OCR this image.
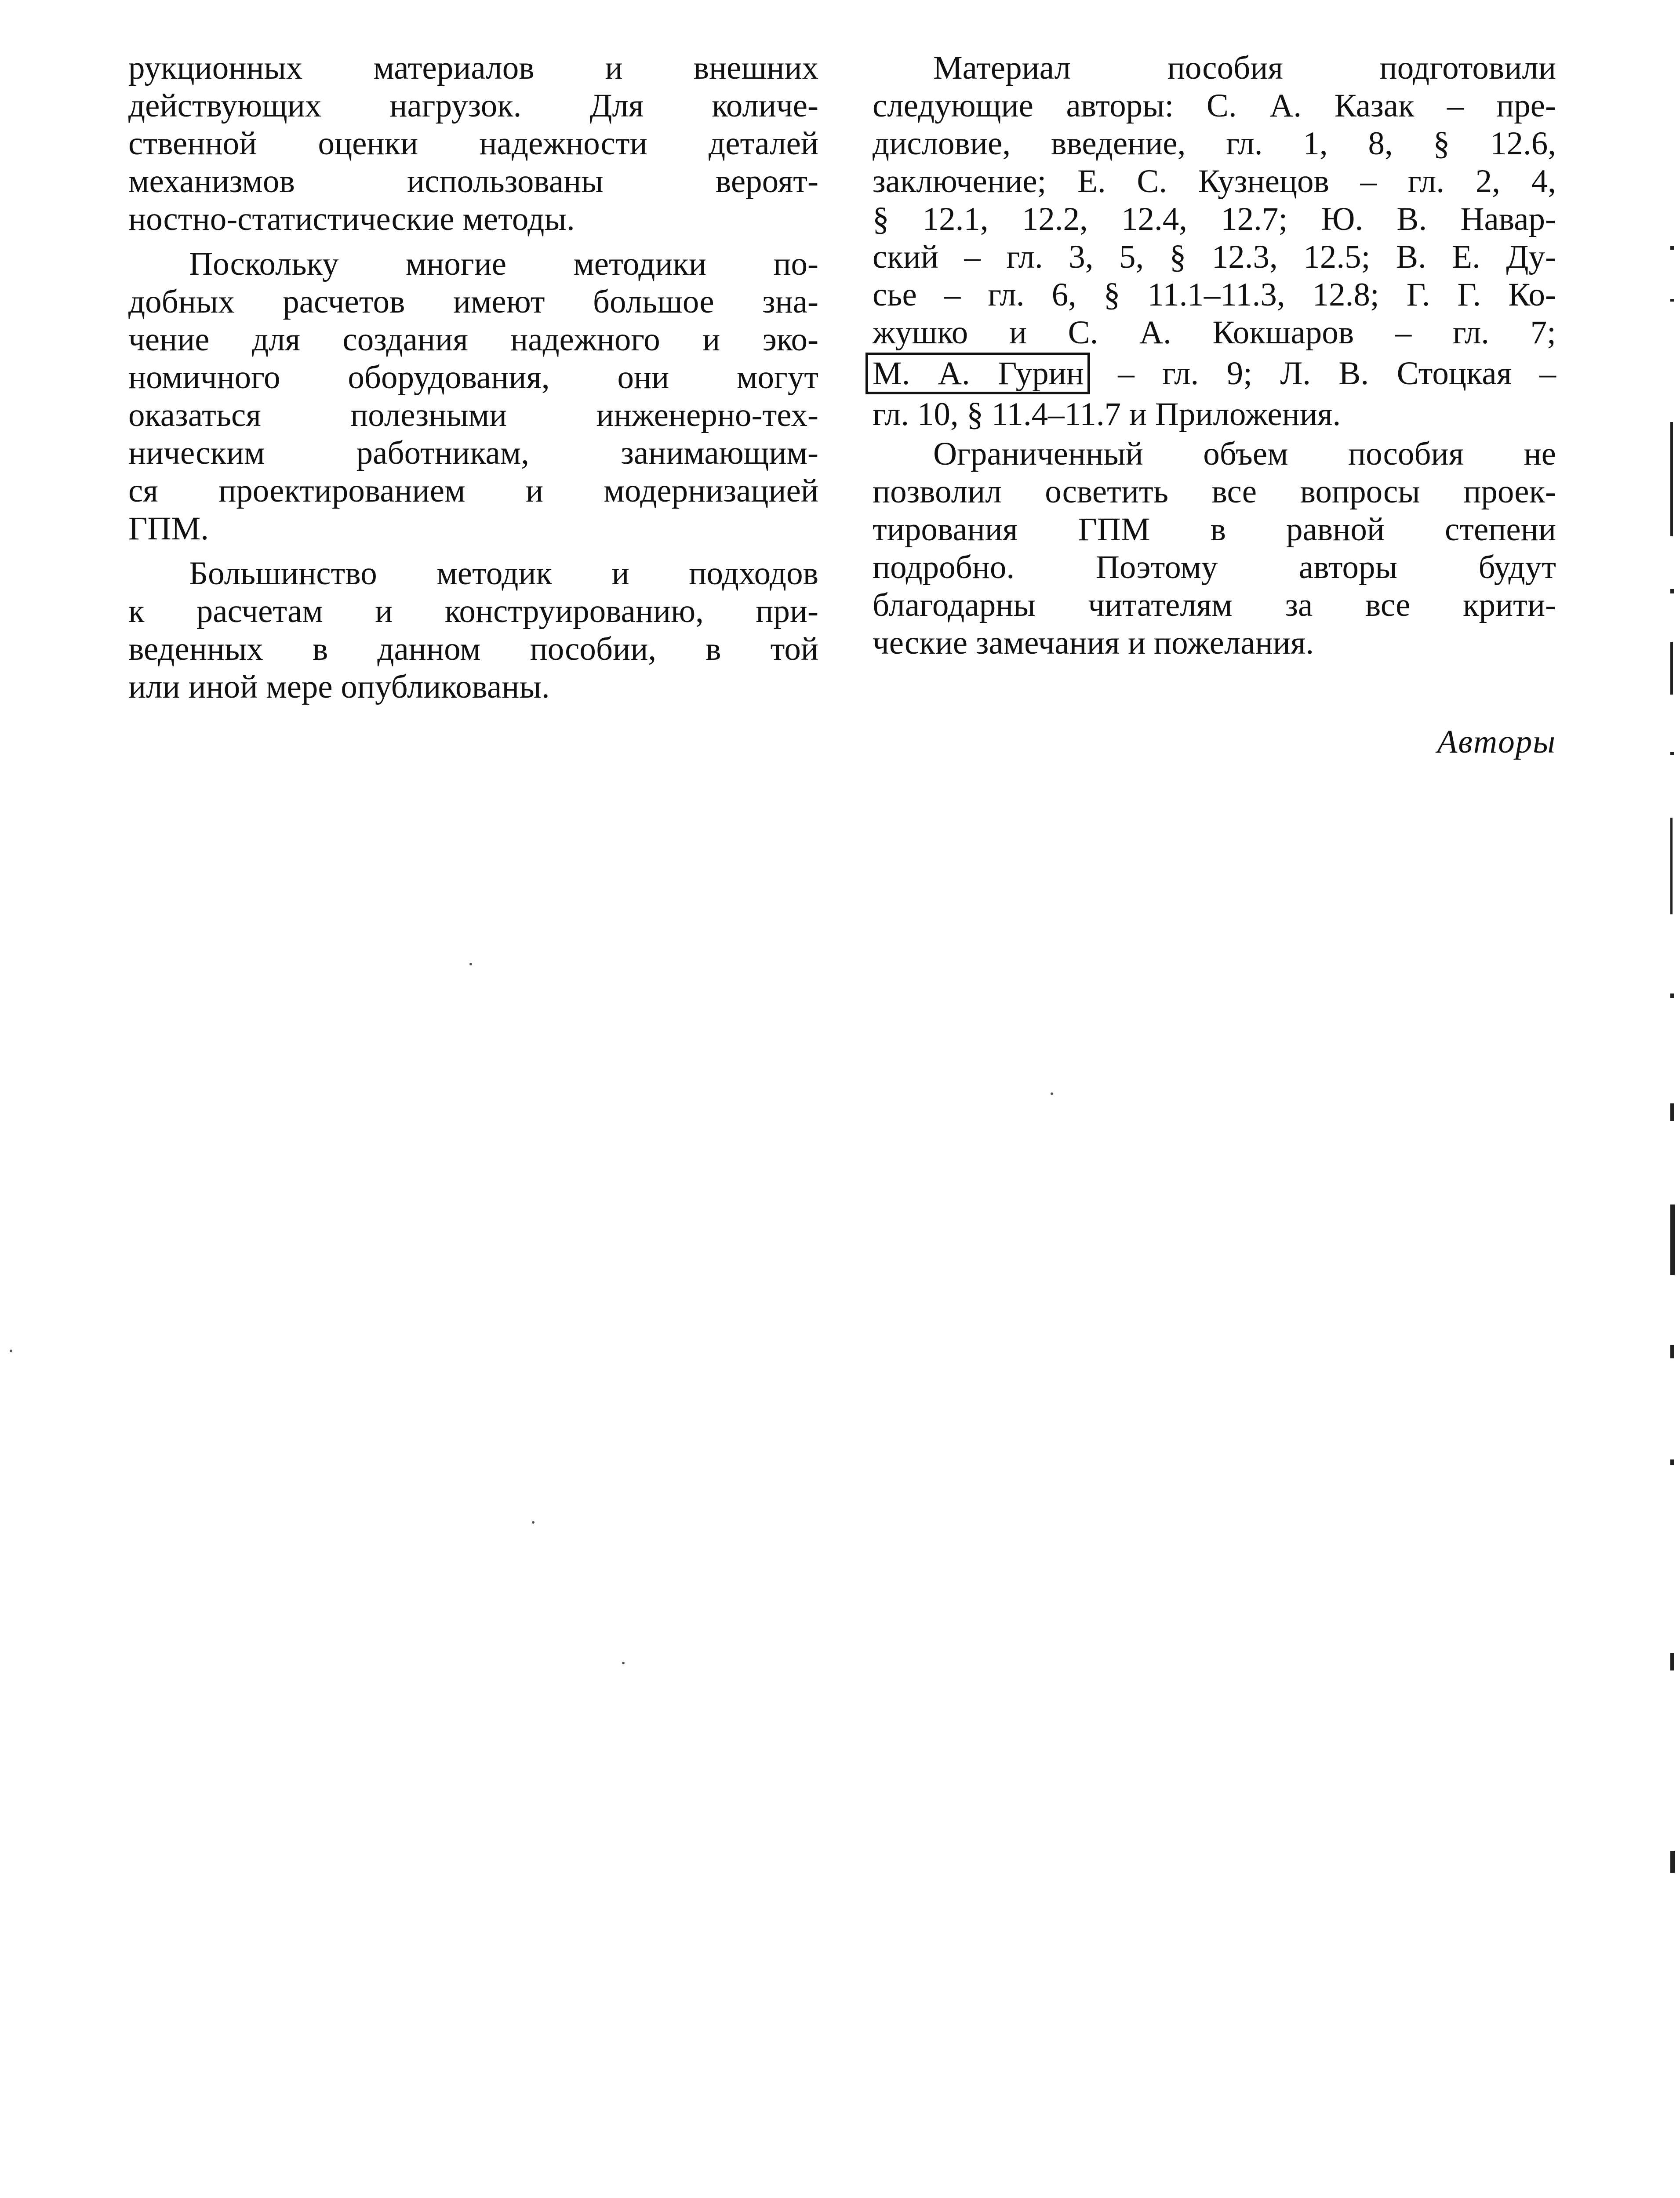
рукционных материалов и внешних
действующих нагрузок. Для количе-
ственной оценки надежности деталей
механизмов использованы вероят-
ностно-статистические методы.

Поскольку многие методики по-
добных расчетов имеют большое зна-
чение для создания надежного и эко-
номичного оборудования, они могут
оказаться полезными инженерно-тех-
ническим работникам, занимающим-
ся проектированием и модернизацией
ГПМ.

Большинство методик и подходов
к расчетам и конструированию, при-
веденных в данном пособии, в той
или иной мере опубликованы.

Материал пособия подготовили
следующие авторы: С. А. Казак – пре-
дисловие, введение, гл. 1, 8, § 12.6,
заключение; Е. С. Кузнецов – гл. 2, 4,
§ 12.1, 12.2, 12.4, 12.7; Ю. В. Навар-
ский – гл. 3, 5, § 12.3, 12.5; В. Е. Ду-
сье – гл. 6, § 11.1–11.3, 12.8; Г. Г. Ко-
жушко и С. А. Кокшаров – гл. 7;
М. А. Гурин – гл. 9; Л. В. Стоцкая –
гл. 10, § 11.4–11.7 и Приложения.

Ограниченный объем пособия не
позволил осветить все вопросы проек-
тирования ГПМ в равной степени
подробно. Поэтому авторы будут
благодарны читателям за все крити-
ческие замечания и пожелания.

Авторы
